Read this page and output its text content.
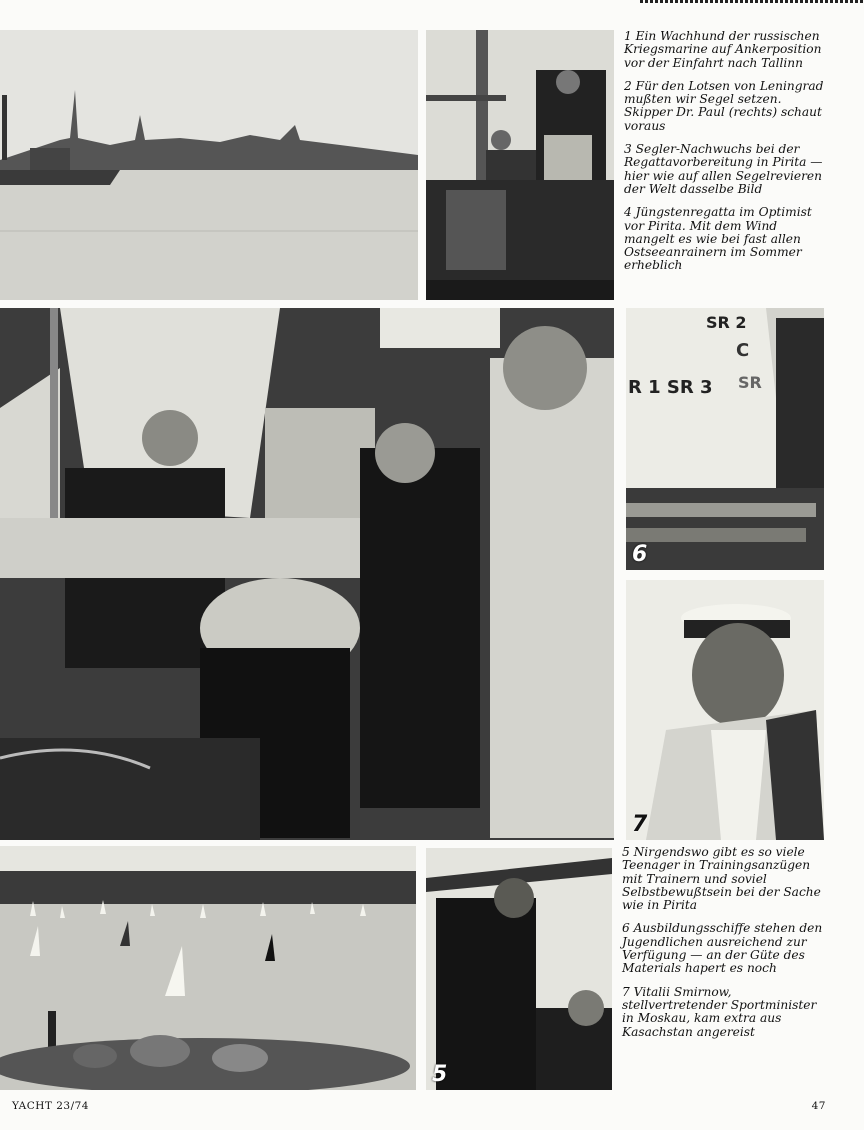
1 Ein Wachhund der russischen Kriegsmarine auf Ankerposition vor der Einfahrt nach Tallinn

2 Für den Lotsen von Leningrad mußten wir Segel setzen. Skipper Dr. Paul (rechts) schaut voraus

3 Segler-Nachwuchs bei der Regattavorbereitung in Pirita — hier wie auf allen Segelrevieren der Welt dasselbe Bild

4 Jüngstenregatta im Optimist vor Pirita. Mit dem Wind mangelt es wie bei fast allen Ostseeanrainern im Sommer erheblich

SR 2
C
R 1 SR 3 SR
6
7
5

5 Nirgendswo gibt es so viele Teenager in Trainingsanzügen mit Trainern und soviel Selbstbewußtsein bei der Sache wie in Pirita

6 Ausbildungsschiffe stehen den Jugendlichen ausreichend zur Verfügung — an der Güte des Materials hapert es noch

7 Vitalii Smirnow, stellvertretender Sportminister in Moskau, kam extra aus Kasachstan angereist

YACHT 23/74	47
